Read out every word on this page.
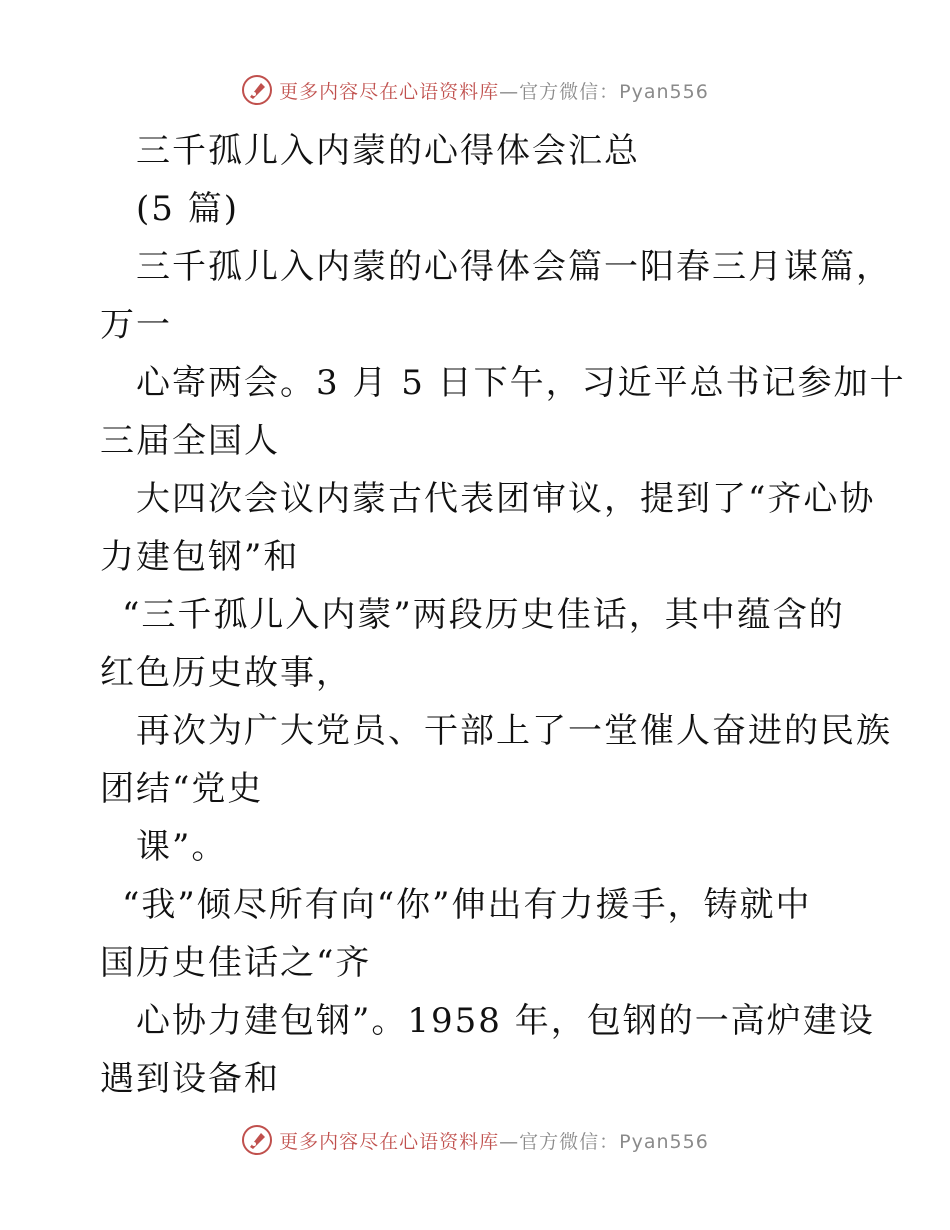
更多内容尽在心语资料库—官方微信：Pyan556
三千孤儿入内蒙的心得体会汇总
(5 篇)
三千孤儿入内蒙的心得体会篇一阳春三月谋篇，
万一
心寄两会。3 月 5 日下午，习近平总书记参加十
三届全国人
大四次会议内蒙古代表团审议，提到了“齐心协
力建包钢”和
“三千孤儿入内蒙”两段历史佳话，其中蕴含的
红色历史故事，
再次为广大党员、干部上了一堂催人奋进的民族
团结“党史
课”。
“我”倾尽所有向“你”伸出有力援手，铸就中
国历史佳话之“齐
心协力建包钢”。1958 年，包钢的一高炉建设
遇到设备和
更多内容尽在心语资料库—官方微信：Pyan556
